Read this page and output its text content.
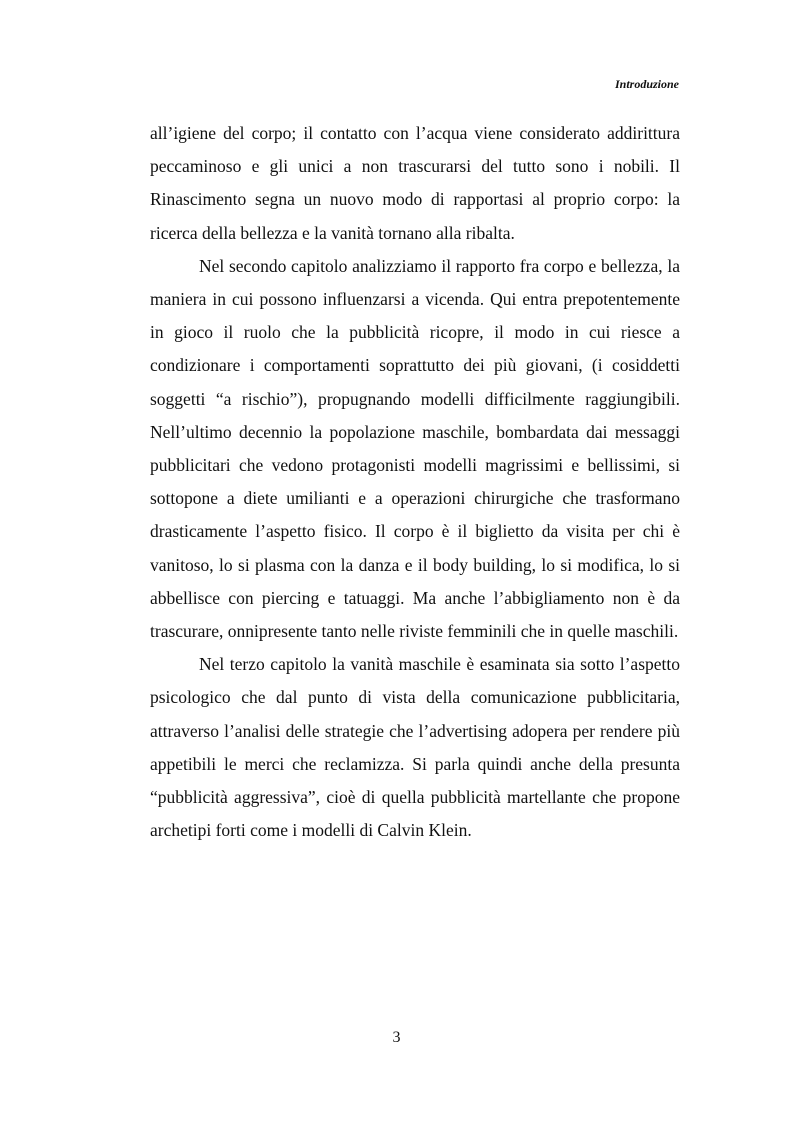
Introduzione

all’igiene del corpo; il contatto con l’acqua viene considerato addirittura peccaminoso e gli unici a non trascurarsi del tutto sono i nobili. Il Rinascimento segna un nuovo modo di rapportasi al proprio corpo: la ricerca della bellezza e la vanità tornano alla ribalta.

Nel secondo capitolo analizziamo il rapporto fra corpo e bellezza, la maniera in cui possono influenzarsi a vicenda. Qui entra prepotentemente in gioco il ruolo che la pubblicità ricopre, il modo in cui riesce a condizionare i comportamenti soprattutto dei più giovani, (i cosiddetti soggetti “a rischio”), propugnando modelli difficilmente raggiungibili. Nell’ultimo decennio la popolazione maschile, bombardata dai messaggi pubblicitari che vedono protagonisti modelli magrissimi e bellissimi, si sottopone a diete umilianti e a operazioni chirurgiche che trasformano drasticamente l’aspetto fisico. Il corpo è il biglietto da visita per chi è vanitoso, lo si plasma con la danza e il body building, lo si modifica, lo si abbellisce con piercing e tatuaggi. Ma anche l’abbigliamento non è da trascurare, onnipresente tanto nelle riviste femminili che in quelle maschili.

Nel terzo capitolo la vanità maschile è esaminata sia sotto l’aspetto psicologico che dal punto di vista della comunicazione pubblicitaria, attraverso l’analisi delle strategie che l’advertising adopera per rendere più appetibili le merci che reclamizza. Si parla quindi anche della presunta “pubblicità aggressiva”, cioè di quella pubblicità martellante che propone archetipi forti come i modelli di Calvin Klein.

3
